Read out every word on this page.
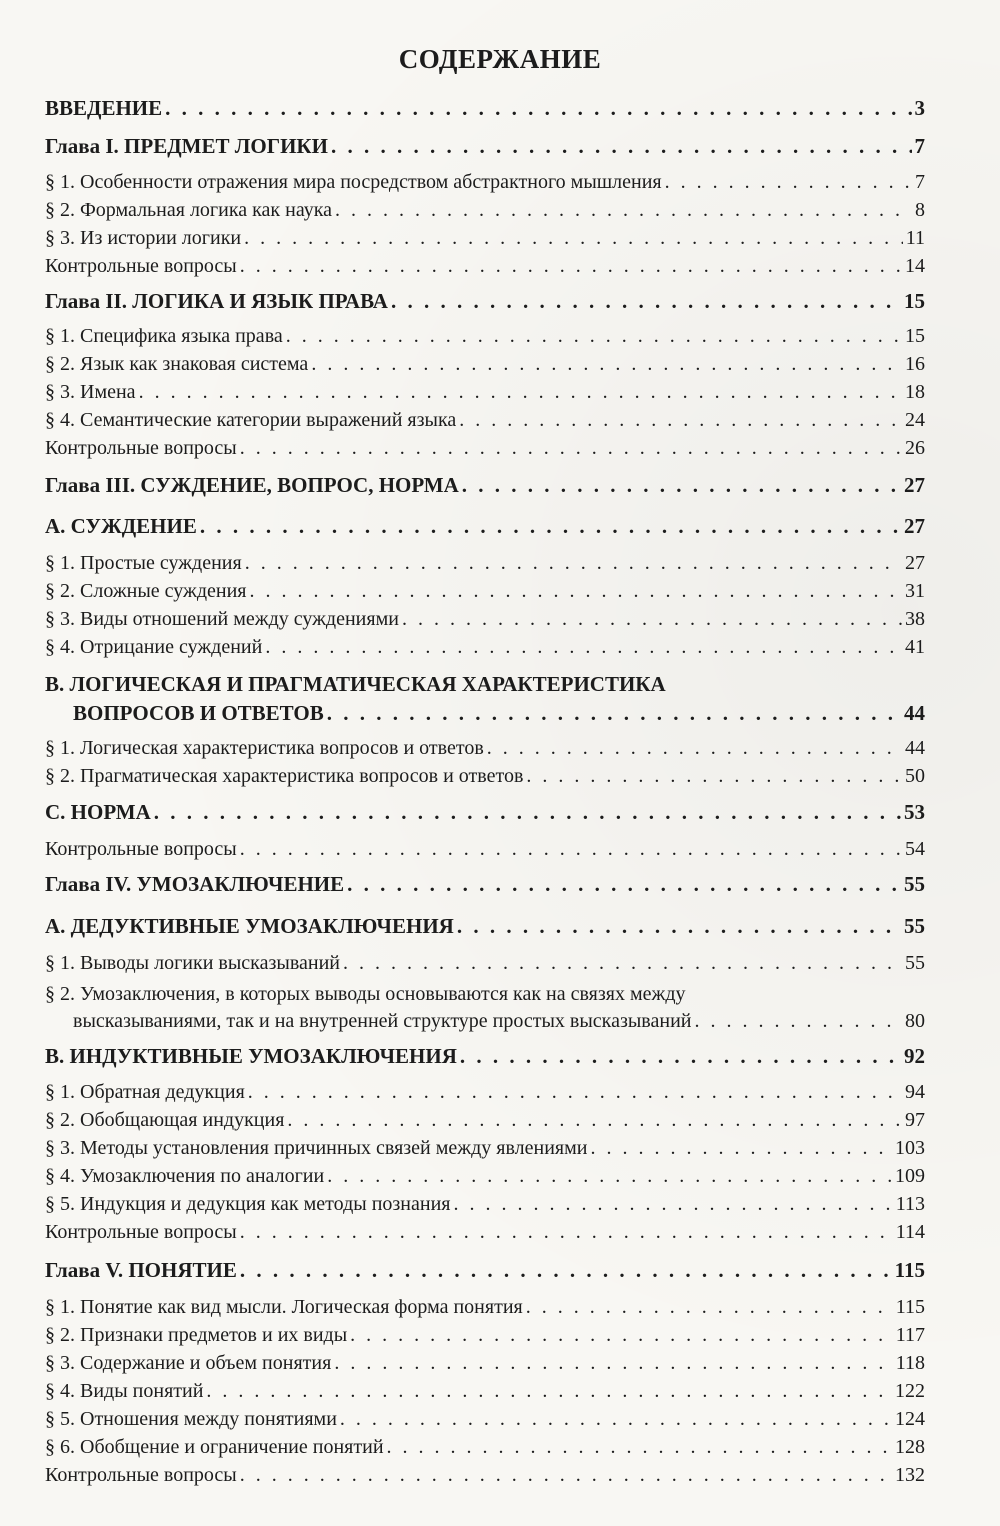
СОДЕРЖАНИЕ
ВВЕДЕНИЕ . . .	3
Глава I. ПРЕДМЕТ ЛОГИКИ . . .	7
§ 1. Особенности отражения мира посредством абстрактного мышления . . .	7
§ 2. Формальная логика как наука . . .	8
§ 3. Из истории логики . . .	11
Контрольные вопросы . . .	14
Глава II. ЛОГИКА И ЯЗЫК ПРАВА . . .	15
§ 1. Специфика языка права . . .	15
§ 2. Язык как знаковая система . . .	16
§ 3. Имена . . .	18
§ 4. Семантические категории выражений языка . . .	24
Контрольные вопросы . . .	26
Глава III. СУЖДЕНИЕ, ВОПРОС, НОРМА . . .	27
А. СУЖДЕНИЕ . . .	27
§ 1. Простые суждения . . .	27
§ 2. Сложные суждения . . .	31
§ 3. Виды отношений между суждениями . . .	38
§ 4. Отрицание суждений . . .	41
В. ЛОГИЧЕСКАЯ И ПРАГМАТИЧЕСКАЯ ХАРАКТЕРИСТИКА
ВОПРОСОВ И ОТВЕТОВ . . .	44
§ 1. Логическая характеристика вопросов и ответов . . .	44
§ 2. Прагматическая характеристика вопросов и ответов . . .	50
С. НОРМА . . .	53
Контрольные вопросы . . .	54
Глава IV. УМОЗАКЛЮЧЕНИЕ . . .	55
А. ДЕДУКТИВНЫЕ УМОЗАКЛЮЧЕНИЯ . . .	55
§ 1. Выводы логики высказываний . . .	55
§ 2. Умозаключения, в которых выводы основываются как на связях между
высказываниями, так и на внутренней структуре простых высказываний . . .	80
В. ИНДУКТИВНЫЕ УМОЗАКЛЮЧЕНИЯ . . .	92
§ 1. Обратная дедукция . . .	94
§ 2. Обобщающая индукция . . .	97
§ 3. Методы установления причинных связей между явлениями . . .	103
§ 4. Умозаключения по аналогии . . .	109
§ 5. Индукция и дедукция как методы познания . . .	113
Контрольные вопросы . . .	114
Глава V. ПОНЯТИЕ . . .	115
§ 1. Понятие как вид мысли. Логическая форма понятия . . .	115
§ 2. Признаки предметов и их виды . . .	117
§ 3. Содержание и объем понятия . . .	118
§ 4. Виды понятий . . .	122
§ 5. Отношения между понятиями . . .	124
§ 6. Обобщение и ограничение понятий . . .	128
Контрольные вопросы . . .	132
